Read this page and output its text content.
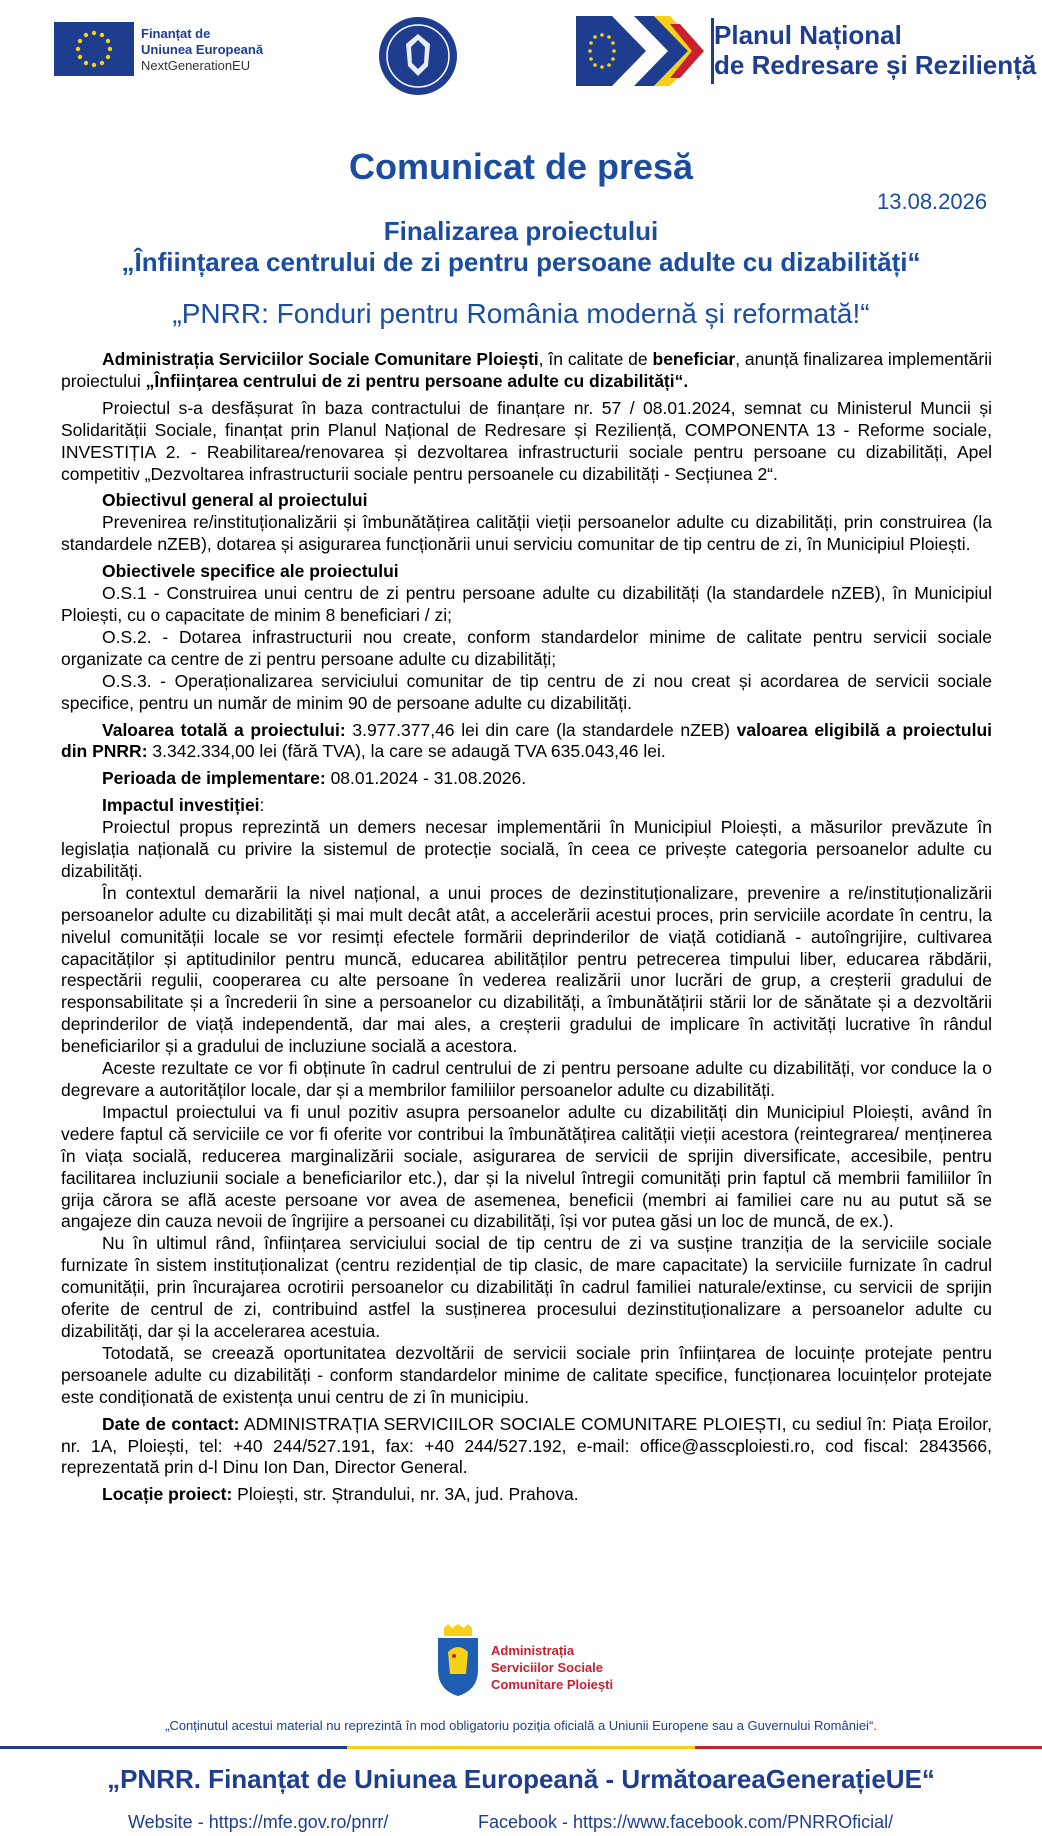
Finanțat de
Uniunea Europeană
NextGenerationEU
Planul Național
de Redresare și Reziliență
Comunicat de presă
13.08.2026
Finalizarea proiectului
„Înființarea centrului de zi pentru persoane adulte cu dizabilități“
„PNRR: Fonduri pentru România modernă și reformată!“

Administrația Serviciilor Sociale Comunitare Ploiești, în calitate de beneficiar, anunță finalizarea implementării proiectului „Înființarea centrului de zi pentru persoane adulte cu dizabilități“.

Proiectul s-a desfășurat în baza contractului de finanțare nr. 57 / 08.01.2024, semnat cu Ministerul Muncii și Solidarității Sociale, finanțat prin Planul Național de Redresare și Reziliență, COMPONENTA 13 - Reforme sociale, INVESTIȚIA 2. - Reabilitarea/renovarea și dezvoltarea infrastructurii sociale pentru persoane cu dizabilități, Apel competitiv „Dezvoltarea infrastructurii sociale pentru persoanele cu dizabilități - Secțiunea 2“.

Obiectivul general al proiectului

Prevenirea re/instituționalizării și îmbunătățirea calității vieții persoanelor adulte cu dizabilități, prin construirea (la standardele nZEB), dotarea și asigurarea funcționării unui serviciu comunitar de tip centru de zi, în Municipiul Ploiești.

Obiectivele specifice ale proiectului

O.S.1 - Construirea unui centru de zi pentru persoane adulte cu dizabilități (la standardele nZEB), în Municipiul Ploiești, cu o capacitate de minim 8 beneficiari / zi;

O.S.2. - Dotarea infrastructurii nou create, conform standardelor minime de calitate pentru servicii sociale organizate ca centre de zi pentru persoane adulte cu dizabilități;

O.S.3. - Operaționalizarea serviciului comunitar de tip centru de zi nou creat și acordarea de servicii sociale specifice, pentru un număr de minim 90 de persoane adulte cu dizabilități.

Valoarea totală a proiectului: 3.977.377,46 lei din care (la standardele nZEB) valoarea eligibilă a proiectului din PNRR: 3.342.334,00 lei (fără TVA), la care se adaugă TVA 635.043,46 lei.

Perioada de implementare: 08.01.2024 - 31.08.2026.

Impactul investiției:

Proiectul propus reprezintă un demers necesar implementării în Municipiul Ploiești, a măsurilor prevăzute în legislația națională cu privire la sistemul de protecție socială, în ceea ce privește categoria persoanelor adulte cu dizabilități.

În contextul demarării la nivel național, a unui proces de dezinstituționalizare, prevenire a re/instituționalizării persoanelor adulte cu dizabilități și mai mult decât atât, a accelerării acestui proces, prin serviciile acordate în centru, la nivelul comunității locale se vor resimți efectele formării deprinderilor de viață cotidiană - autoîngrijire, cultivarea capacităților și aptitudinilor pentru muncă, educarea abilităților pentru petrecerea timpului liber, educarea răbdării, respectării regulii, cooperarea cu alte persoane în vederea realizării unor lucrări de grup, a creșterii gradului de responsabilitate și a încrederii în sine a persoanelor cu dizabilități, a îmbunătățirii stării lor de sănătate și a dezvoltării deprinderilor de viață independentă, dar mai ales, a creșterii gradului de implicare în activități lucrative în rândul beneficiarilor și a gradului de incluziune socială a acestora.

Aceste rezultate ce vor fi obținute în cadrul centrului de zi pentru persoane adulte cu dizabilități, vor conduce la o degrevare a autorităților locale, dar și a membrilor familiilor persoanelor adulte cu dizabilități.

Impactul proiectului va fi unul pozitiv asupra persoanelor adulte cu dizabilități din Municipiul Ploiești, având în vedere faptul că serviciile ce vor fi oferite vor contribui la îmbunătățirea calității vieții acestora (reintegrarea/ menținerea în viața socială, reducerea marginalizării sociale, asigurarea de servicii de sprijin diversificate, accesibile, pentru facilitarea incluziunii sociale a beneficiarilor etc.), dar și la nivelul întregii comunități prin faptul că membrii familiilor în grija cărora se află aceste persoane vor avea de asemenea, beneficii (membri ai familiei care nu au putut să se angajeze din cauza nevoii de îngrijire a persoanei cu dizabilități, își vor putea găsi un loc de muncă, de ex.).

Nu în ultimul rând, înființarea serviciului social de tip centru de zi va susține tranziția de la serviciile sociale furnizate în sistem instituționalizat (centru rezidențial de tip clasic, de mare capacitate) la serviciile furnizate în cadrul comunității, prin încurajarea ocrotirii persoanelor cu dizabilități în cadrul familiei naturale/extinse, cu servicii de sprijin oferite de centrul de zi, contribuind astfel la susținerea procesului dezinstituționalizare a persoanelor adulte cu dizabilități, dar și la accelerarea acestuia.

Totodată, se creează oportunitatea dezvoltării de servicii sociale prin înființarea de locuințe protejate pentru persoanele adulte cu dizabilități - conform standardelor minime de calitate specifice, funcționarea locuințelor protejate este condiționată de existența unui centru de zi în municipiu.

Date de contact: ADMINISTRAȚIA SERVICIILOR SOCIALE COMUNITARE PLOIEȘTI, cu sediul în: Piața Eroilor, nr. 1A, Ploiești, tel: +40 244/527.191, fax: +40 244/527.192, e-mail: office@asscploiesti.ro, cod fiscal: 2843566, reprezentată prin d-l Dinu Ion Dan, Director General.

Locație proiect: Ploiești, str. Ștrandului, nr. 3A, jud. Prahova.

Administrația
Serviciilor Sociale
Comunitare Ploiești
„Conținutul acestui material nu reprezintă în mod obligatoriu poziția oficială a Uniunii Europene sau a Guvernului României“.
„PNRR. Finanțat de Uniunea Europeană - UrmătoareaGenerațieUE“
Website - https://mfe.gov.ro/pnrr/	Facebook - https://www.facebook.com/PNRROficial/
